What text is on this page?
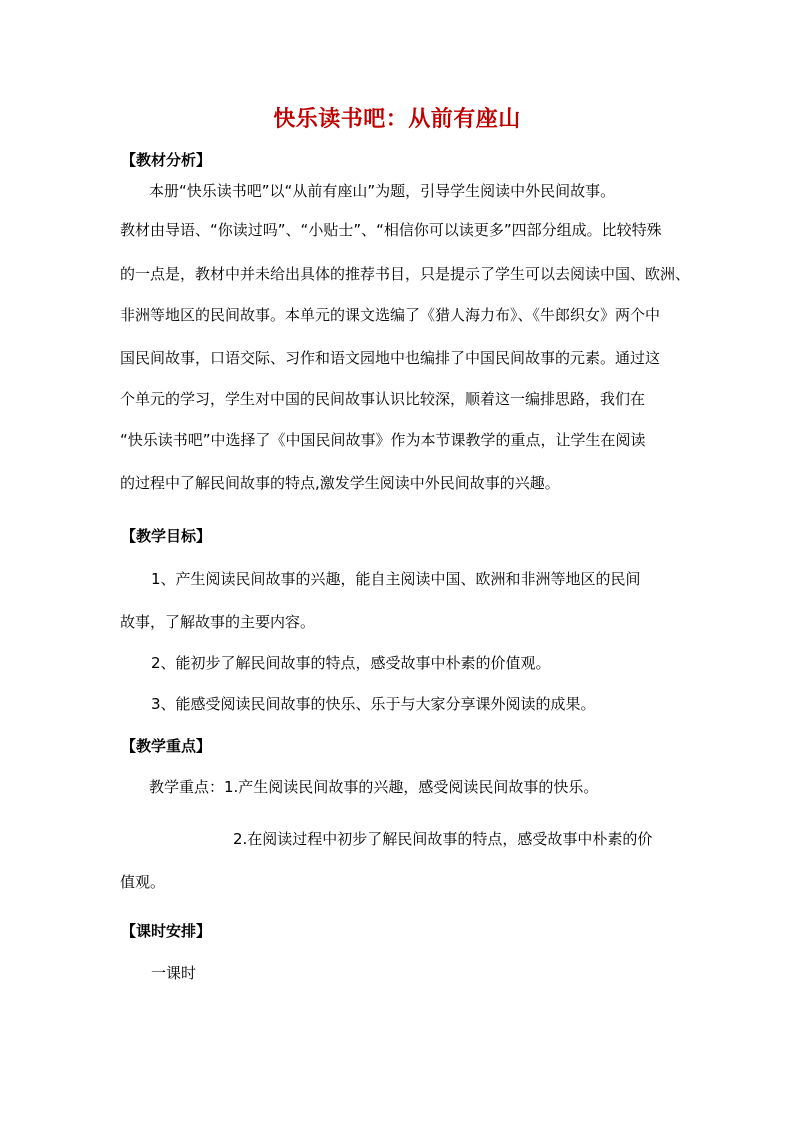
快乐读书吧：从前有座山
【教材分析】
本册“快乐读书吧”以“从前有座山”为题，引导学生阅读中外民间故事。
教材由导语、“你读过吗”、“小贴士”、“相信你可以读更多”四部分组成。比较特殊
的一点是，教材中并未给出具体的推荐书目，只是提示了学生可以去阅读中国、欧洲、
非洲等地区的民间故事。本单元的课文选编了《猎人海力布》、《牛郎织女》两个中
国民间故事，口语交际、习作和语文园地中也编排了中国民间故事的元素。通过这
个单元的学习，学生对中国的民间故事认识比较深，顺着这一编排思路，我们在
“快乐读书吧”中选择了《中国民间故事》作为本节课教学的重点，让学生在阅读
的过程中了解民间故事的特点,激发学生阅读中外民间故事的兴趣。
【教学目标】
1、产生阅读民间故事的兴趣，能自主阅读中国、欧洲和非洲等地区的民间
故事，了解故事的主要内容。
2、能初步了解民间故事的特点，感受故事中朴素的价值观。
3、能感受阅读民间故事的快乐、乐于与大家分享课外阅读的成果。
【教学重点】
教学重点：1.产生阅读民间故事的兴趣，感受阅读民间故事的快乐。
2.在阅读过程中初步了解民间故事的特点，感受故事中朴素的价
值观。
【课时安排】
一课时
